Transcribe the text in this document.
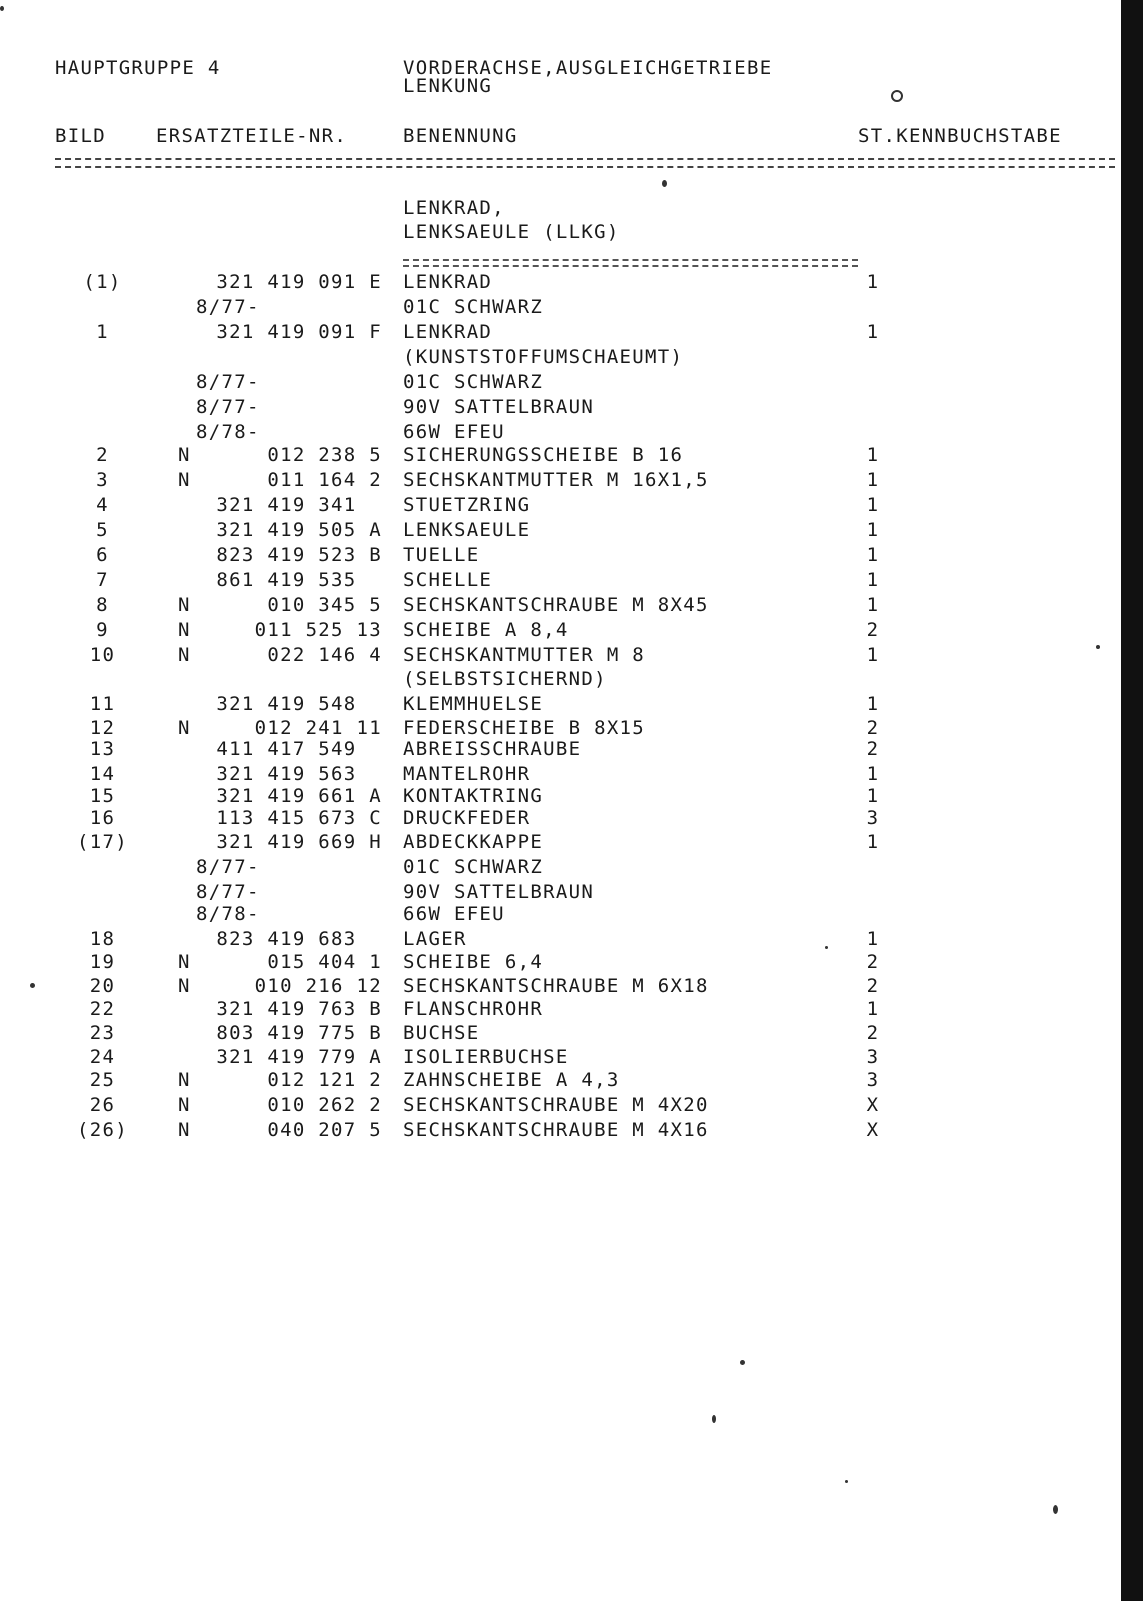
HAUPTGRUPPE 4	VORDERACHSE,AUSGLEICHGETRIEBE
LENKUNG
BILD	ERSATZTEILE-NR.	BENENNUNG	ST.KENNBUCHSTABE
LENKRAD,
LENKSAEULE (LLKG)
(1)	321 419 091 E LENKRAD	1
8/77-	01C SCHWARZ
1	321 419 091 F LENKRAD	1
(KUNSTSTOFFUMSCHAEUMT)
8/77-	01C SCHWARZ
8/77-	90V SATTELBRAUN
8/78-	66W EFEU
2	N	012 238 5 SICHERUNGSSCHEIBE B 16	1
3	N	011 164 2 SECHSKANTMUTTER M 16X1,5	1
4	321 419 341 STUETZRING	1
5	321 419 505 A LENKSAEULE	1
6	823 419 523 B TUELLE	1
7	861 419 535 SCHELLE	1
8	N	010 345 5 SECHSKANTSCHRAUBE M 8X45	1
9	N	011 525 13 SCHEIBE A 8,4	2
10	N	022 146 4 SECHSKANTMUTTER M 8	1
(SELBSTSICHERND)
11	321 419 548 KLEMMHUELSE	1
12	N	012 241 11 FEDERSCHEIBE B 8X15	2
13	411 417 549 ABREISSCHRAUBE	2
14	321 419 563 MANTELROHR	1
15	321 419 661 A KONTAKTRING	1
16	113 415 673 C DRUCKFEDER	3
(17)	321 419 669 H ABDECKKAPPE	1
8/77-	01C SCHWARZ
8/77-	90V SATTELBRAUN
8/78-	66W EFEU
18	823 419 683 LAGER	1
19	N	015 404 1 SCHEIBE 6,4	2
20	N	010 216 12 SECHSKANTSCHRAUBE M 6X18	2
22	321 419 763 B FLANSCHROHR	1
23	803 419 775 B BUCHSE	2
24	321 419 779 A ISOLIERBUCHSE	3
25	N	012 121 2 ZAHNSCHEIBE A 4,3	3
26	N	010 262 2 SECHSKANTSCHRAUBE M 4X20	X
(26)	N	040 207 5 SECHSKANTSCHRAUBE M 4X16	X
